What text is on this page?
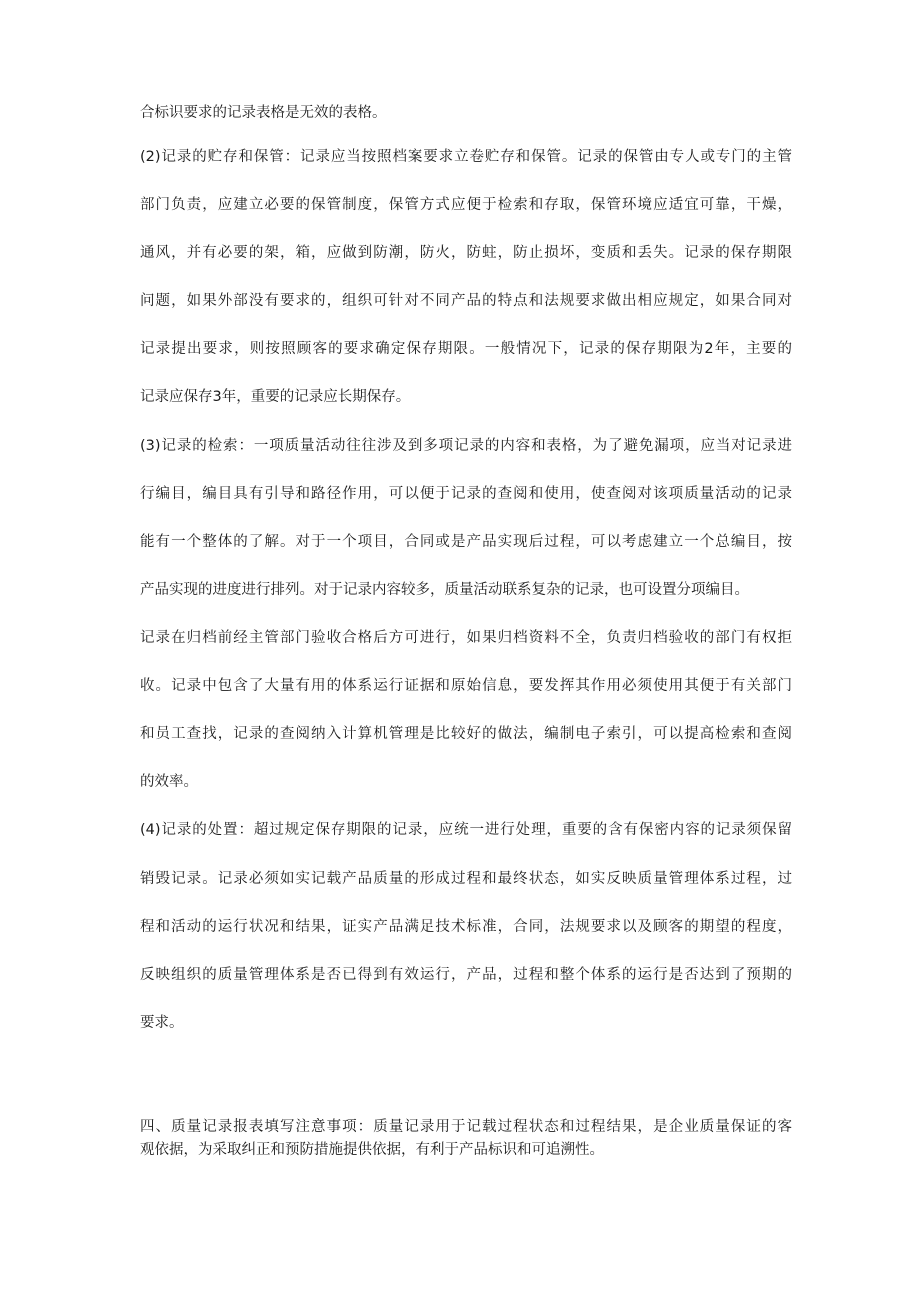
合标识要求的记录表格是无效的表格。
(2)记录的贮存和保管：记录应当按照档案要求立卷贮存和保管。记录的保管由专人或专门的主管
部门负责，应建立必要的保管制度，保管方式应便于检索和存取，保管环境应适宜可靠，干燥，
通风，并有必要的架，箱，应做到防潮，防火，防蛀，防止损坏，变质和丢失。记录的保存期限
问题，如果外部没有要求的，组织可针对不同产品的特点和法规要求做出相应规定，如果合同对
记录提出要求，则按照顾客的要求确定保存期限。一般情况下，记录的保存期限为2年，主要的
记录应保存3年，重要的记录应长期保存。
(3)记录的检索：一项质量活动往往涉及到多项记录的内容和表格，为了避免漏项，应当对记录进
行编目，编目具有引导和路径作用，可以便于记录的查阅和使用，使查阅对该项质量活动的记录
能有一个整体的了解。对于一个项目，合同或是产品实现后过程，可以考虑建立一个总编目，按
产品实现的进度进行排列。对于记录内容较多，质量活动联系复杂的记录，也可设置分项编目。
记录在归档前经主管部门验收合格后方可进行，如果归档资料不全，负责归档验收的部门有权拒
收。记录中包含了大量有用的体系运行证据和原始信息，要发挥其作用必须使用其便于有关部门
和员工查找，记录的查阅纳入计算机管理是比较好的做法，编制电子索引，可以提高检索和查阅
的效率。
(4)记录的处置：超过规定保存期限的记录，应统一进行处理，重要的含有保密内容的记录须保留
销毁记录。记录必须如实记载产品质量的形成过程和最终状态，如实反映质量管理体系过程，过
程和活动的运行状况和结果，证实产品满足技术标准，合同，法规要求以及顾客的期望的程度，
反映组织的质量管理体系是否已得到有效运行，产品，过程和整个体系的运行是否达到了预期的
要求。
四、质量记录报表填写注意事项：质量记录用于记载过程状态和过程结果，是企业质量保证的客
观依据，为采取纠正和预防措施提供依据，有利于产品标识和可追溯性。
